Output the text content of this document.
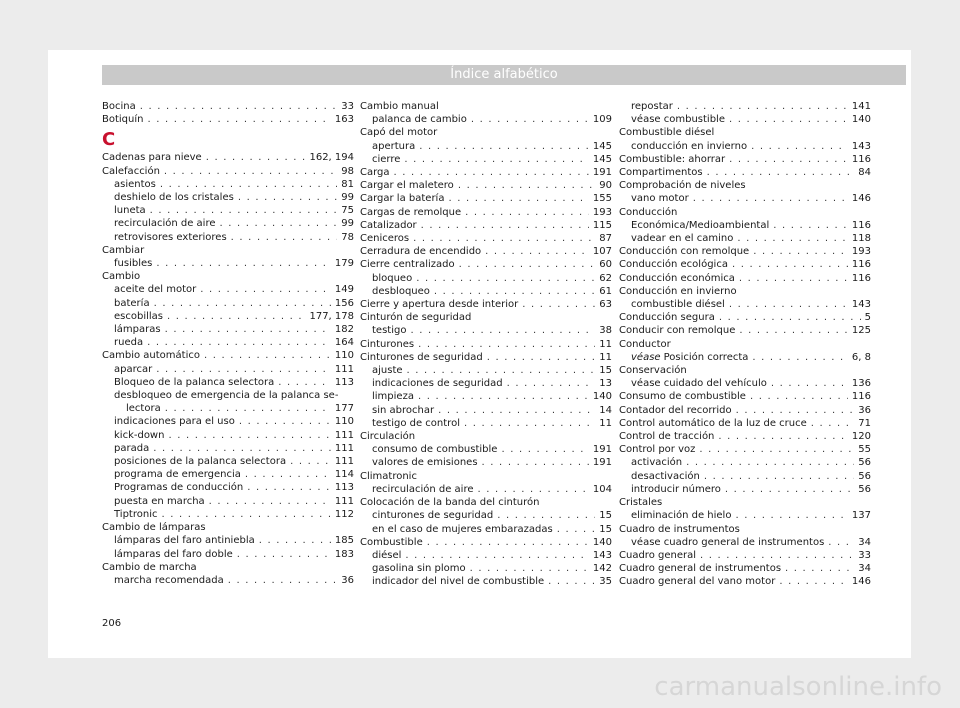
Índice alfabético
Bocina . . .	33
Botiquín . . .	163
C
Cadenas para nieve . . .	162, 194
Calefacción . . .	98
asientos . . .	81
deshielo de los cristales . . .	99
luneta . . .	75
recirculación de aire . . .	99
retrovisores exteriores . . .	78
Cambiar
fusibles . . .	179
Cambio
aceite del motor . . .	149
batería . . .	156
escobillas . . .	177, 178
lámparas . . .	182
rueda . . .	164
Cambio automático . . .	110
aparcar . . .	111
Bloqueo de la palanca selectora . . .	113
desbloqueo de emergencia de la palanca se-
lectora . . .	177
indicaciones para el uso . . .	110
kick-down . . .	111
parada . . .	111
posiciones de la palanca selectora . . .	111
programa de emergencia . . .	114
Programas de conducción . . .	113
puesta en marcha . . .	111
Tiptronic . . .	112
Cambio de lámparas
lámparas del faro antiniebla . . .	185
lámparas del faro doble . . .	183
Cambio de marcha
marcha recomendada . . .	36
Cambio manual
palanca de cambio . . .	109
Capó del motor
apertura . . .	145
cierre . . .	145
Carga . . .	191
Cargar el maletero . . .	90
Cargar la batería . . .	155
Cargas de remolque . . .	193
Catalizador . . .	115
Ceniceros . . .	87
Cerradura de encendido . . .	107
Cierre centralizado . . .	60
bloqueo . . .	62
desbloqueo . . .	61
Cierre y apertura desde interior . . .	63
Cinturón de seguridad
testigo . . .	38
Cinturones . . .	11
Cinturones de seguridad . . .	11
ajuste . . .	15
indicaciones de seguridad . . .	13
limpieza . . .	140
sin abrochar . . .	14
testigo de control . . .	11
Circulación
consumo de combustible . . .	191
valores de emisiones . . .	191
Climatronic
recirculación de aire . . .	104
Colocación de la banda del cinturón
cinturones de seguridad . . .	15
en el caso de mujeres embarazadas . . .	15
Combustible . . .	140
diésel . . .	143
gasolina sin plomo . . .	142
indicador del nivel de combustible . . .	35
repostar . . .	141
véase combustible . . .	140
Combustible diésel
conducción en invierno . . .	143
Combustible: ahorrar . . .	116
Compartimentos . . .	84
Comprobación de niveles
vano motor . . .	146
Conducción
Económica/Medioambiental . . .	116
vadear en el camino . . .	118
Conducción con remolque . . .	193
Conducción ecológica . . .	116
Conducción económica . . .	116
Conducción en invierno
combustible diésel . . .	143
Conducción segura . . .	5
Conducir con remolque . . .	125
Conductor
véase Posición correcta . . .	6, 8
Conservación
véase cuidado del vehículo . . .	136
Consumo de combustible . . .	116
Contador del recorrido . . .	36
Control automático de la luz de cruce . . .	71
Control de tracción . . .	120
Control por voz . . .	55
activación . . .	56
desactivación . . .	56
introducir número . . .	56
Cristales
eliminación de hielo . . .	137
Cuadro de instrumentos
véase cuadro general de instrumentos . . .	34
Cuadro general . . .	33
Cuadro general de instrumentos . . .	34
Cuadro general del vano motor . . .	146
206
carmanualsonline.info
